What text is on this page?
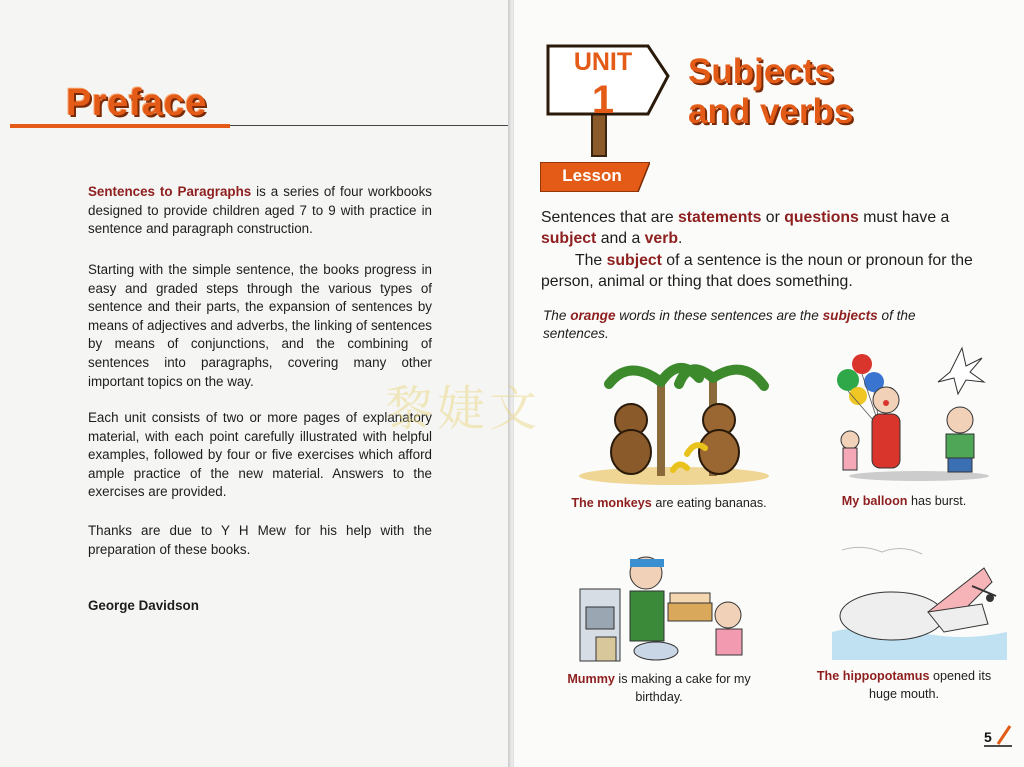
Preface

Sentences to Paragraphs is a series of four workbooks designed to provide children aged 7 to 9 with practice in sentence and paragraph construction.

Starting with the simple sentence, the books progress in easy and graded steps through the various types of sentence and their parts, the expansion of sentences by means of adjectives and adverbs, the linking of sentences by means of conjunctions, and the combining of sentences into paragraphs, covering many other important topics on the way.

Each unit consists of two or more pages of explanatory material, with each point carefully illustrated with helpful examples, followed by four or five exercises which afford ample practice of the new material. Answers to the exercises are provided.

Thanks are due to Y H Mew for his help with the preparation of these books.

George Davidson
UNIT
1
Subjects
and verbs
Lesson

Sentences that are statements or questions must have a subject and a verb.

The subject of a sentence is the noun or pronoun for the person, animal or thing that does something.

The orange words in these sentences are the subjects of the sentences.

The monkeys are eating bananas.	My balloon has burst.

Mummy is making a cake for my birthday.

The hippopotamus opened its huge mouth.

5
黎婕文
